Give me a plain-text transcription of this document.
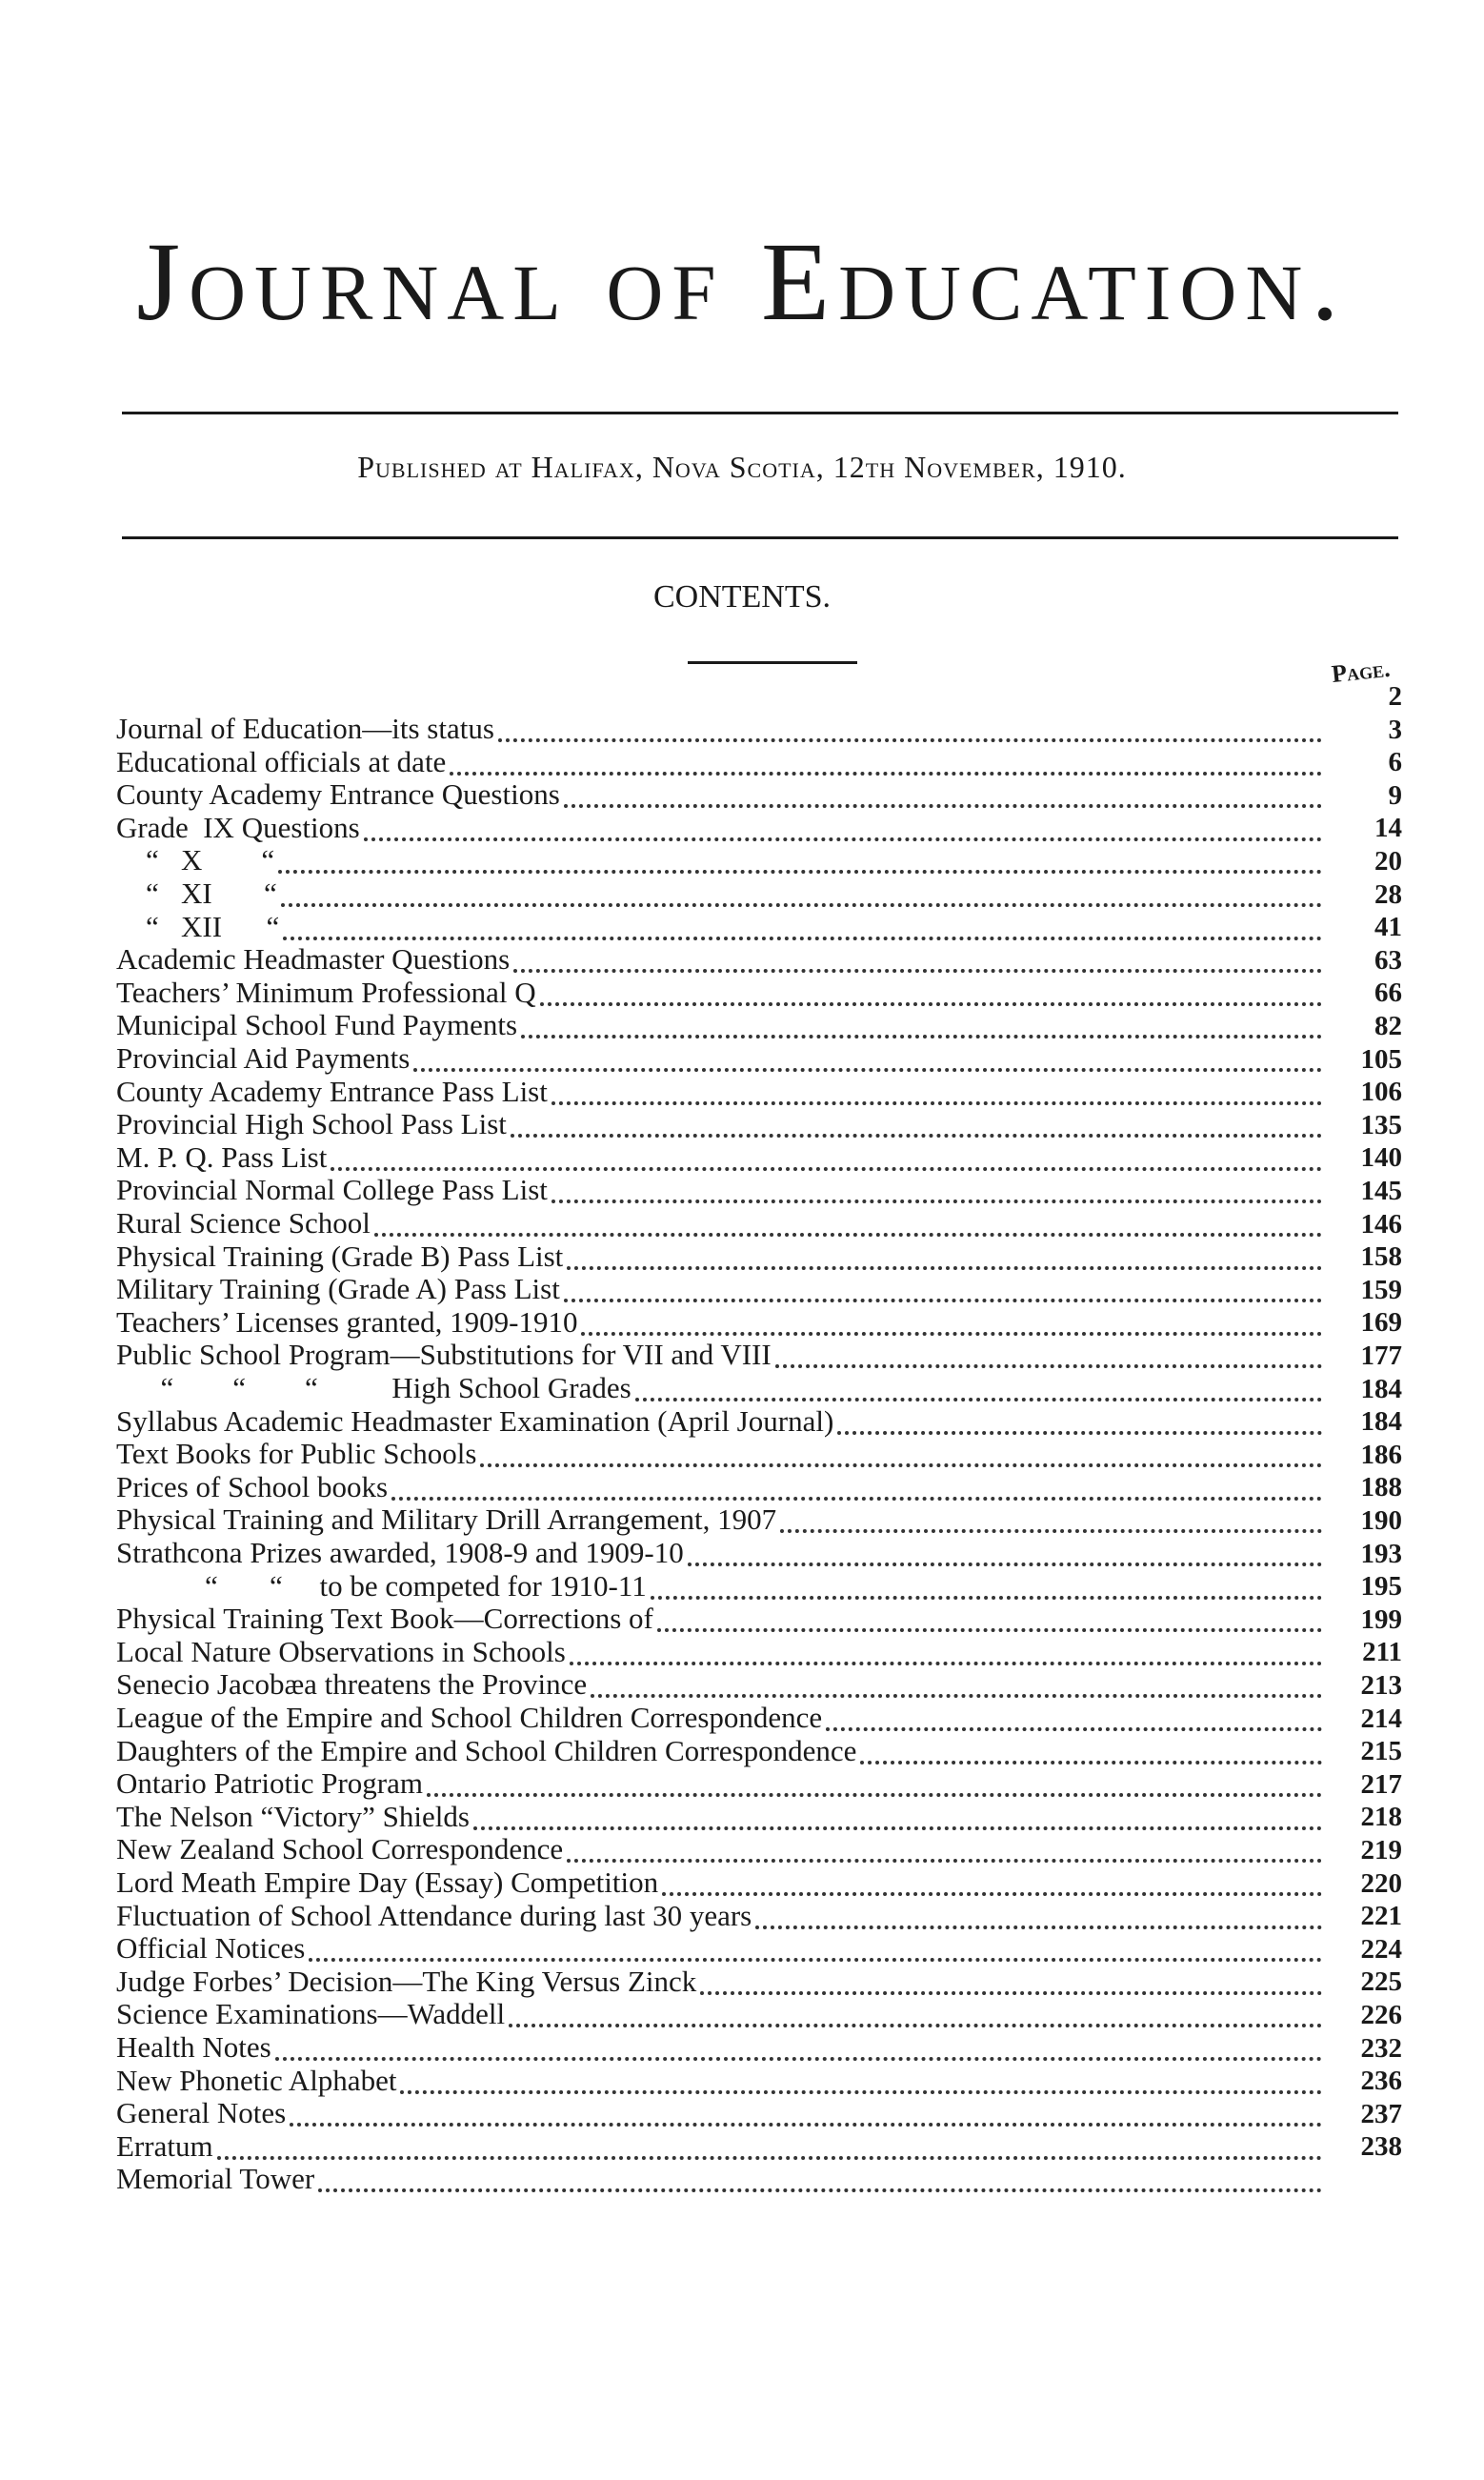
Journal of Education.
Published at Halifax, Nova Scotia, 12th November, 1910.
CONTENTS.
Page.
Journal of Education—its status
Educational officials at date
County Academy Entrance Questions
Grade  IX Questions
“   X        “
“   XI       “
“   XII      “
Academic Headmaster Questions
Teachers’ Minimum Professional Q
Municipal School Fund Payments
Provincial Aid Payments
County Academy Entrance Pass List
Provincial High School Pass List
M. P. Q. Pass List
Provincial Normal College Pass List
Rural Science School
Physical Training (Grade B) Pass List
Military Training (Grade A) Pass List
Teachers’ Licenses granted, 1909-1910
Public School Program—Substitutions for VII and VIII
“        “        “          High School Grades
Syllabus Academic Headmaster Examination (April Journal)
Text Books for Public Schools
Prices of School books
Physical Training and Military Drill Arrangement, 1907
Strathcona Prizes awarded, 1908-9 and 1909-10
“       “     to be competed for 1910-11
Physical Training Text Book—Corrections of
Local Nature Observations in Schools
Senecio Jacobæa threatens the Province
League of the Empire and School Children Correspondence
Daughters of the Empire and School Children Correspondence
Ontario Patriotic Program
The Nelson “Victory” Shields
New Zealand School Correspondence
Lord Meath Empire Day (Essay) Competition
Fluctuation of School Attendance during last 30 years
Official Notices
Judge Forbes’ Decision—The King Versus Zinck
Science Examinations—Waddell
Health Notes
New Phonetic Alphabet
General Notes
Erratum
Memorial Tower
2
3
6
9
14
20
28
41
63
66
82
105
106
135
140
145
146
158
159
169
177
184
184
186
188
190
193
195
199
211
213
214
215
217
218
219
220
221
224
225
226
232
236
237
238
